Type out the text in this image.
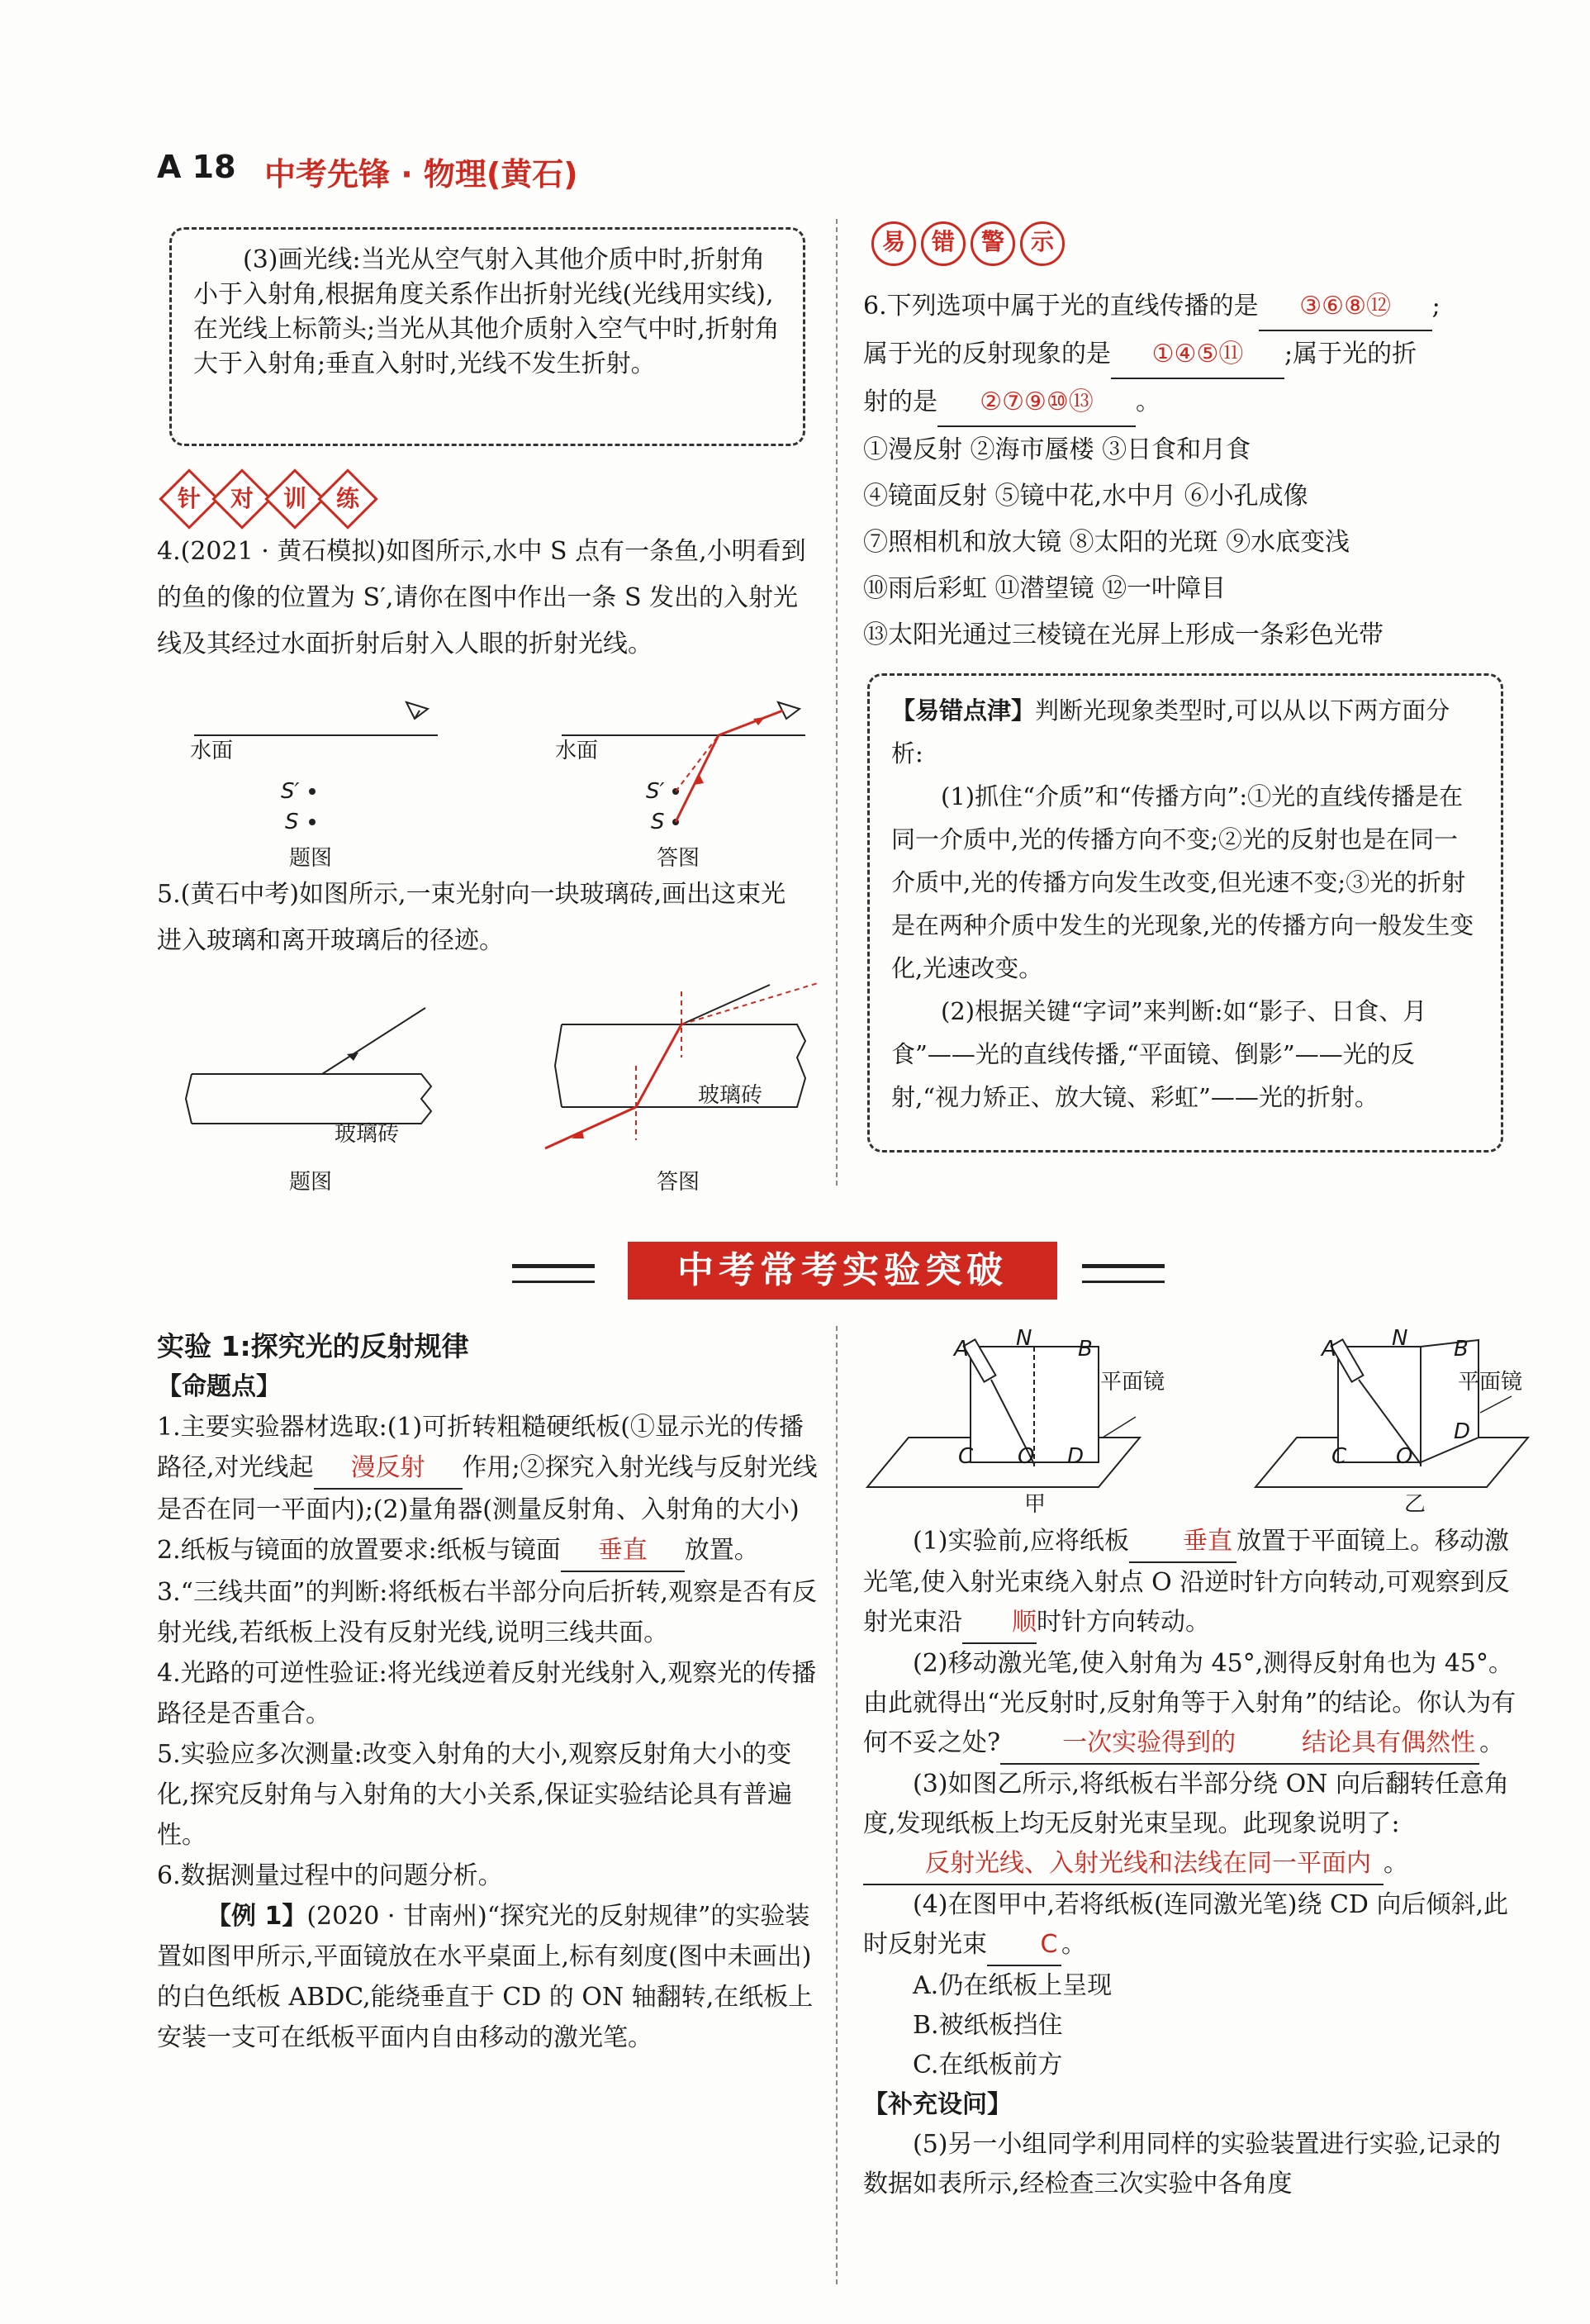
A 18 中考先锋 · 物理(黄石)

(3)画光线:当光从空气射入其他介质中时,折射角小于入射角,根据角度关系作出折射光线(光线用实线),在光线上标箭头;当光从其他介质射入空气中时,折射角大于入射角;垂直入射时,光线不发生折射。

针	对	训	练
4.(2021 · 黄石模拟)如图所示,水中 S 点有一条鱼,小明看到的鱼的像的位置为 S′,请你在图中作出一条 S 发出的入射光线及其经过水面折射后射入人眼的折射光线。
水面
S′
S
水面
S′
S
题图	答图
5.(黄石中考)如图所示,一束光射向一块玻璃砖,画出这束光进入玻璃和离开玻璃后的径迹。
玻璃砖
玻璃砖
题图	答图
易 错 警 示

6.下列选项中属于光的直线传播的是 ③⑥⑧⑫ ;

属于光的反射现象的是 ①④⑤⑪ ;属于光的折

射的是 ②⑦⑨⑩⑬ 。

①漫反射 ②海市蜃楼 ③日食和月食

④镜面反射 ⑤镜中花,水中月 ⑥小孔成像

⑦照相机和放大镜 ⑧太阳的光斑 ⑨水底变浅

⑩雨后彩虹 ⑪潜望镜 ⑫一叶障目

⑬太阳光通过三棱镜在光屏上形成一条彩色光带

【易错点津】判断光现象类型时,可以从以下两方面分析:

(1)抓住“介质”和“传播方向”:①光的直线传播是在同一介质中,光的传播方向不变;②光的反射也是在同一介质中,光的传播方向发生改变,但光速不变;③光的折射是在两种介质中发生的光现象,光的传播方向一般发生变化,光速改变。

(2)根据关键“字词”来判断:如“影子、日食、月食”——光的直线传播,“平面镜、倒影”——光的反射,“视力矫正、放大镜、彩虹”——光的折射。

中考常考实验突破

实验 1:探究光的反射规律

【命题点】

1.主要实验器材选取:(1)可折转粗糙硬纸板(①显示光的传播路径,对光线起 漫反射 作用;②探究入射光线与反射光线是否在同一平面内);(2)量角器(测量反射角、入射角的大小)

2.纸板与镜面的放置要求:纸板与镜面 垂直 放置。

3.“三线共面”的判断:将纸板右半部分向后折转,观察是否有反射光线,若纸板上没有反射光线,说明三线共面。

4.光路的可逆性验证:将光线逆着反射光线射入,观察光的传播路径是否重合。

5.实验应多次测量:改变入射角的大小,观察反射角大小的变化,探究反射角与入射角的大小关系,保证实验结论具有普遍性。

6.数据测量过程中的问题分析。

【例 1】(2020 · 甘南州)“探究光的反射规律”的实验装置如图甲所示,平面镜放在水平桌面上,标有刻度(图中未画出)的白色纸板 ABDC,能绕垂直于 CD 的 ON 轴翻转,在纸板上安装一支可在纸板平面内自由移动的激光笔。

A N B
平面镜
C O D
甲
A	N B
平面镜
D
C O
乙

(1)实验前,应将纸板 垂直 放置于平面镜上。移动激光笔,使入射光束绕入射点 O 沿逆时针方向转动,可观察到反射光束沿 顺时针方向转动。

(2)移动激光笔,使入射角为 45°,测得反射角也为 45°。由此就得出“光反射时,反射角等于入射角”的结论。你认为有何不妥之处?	一次实验得到的	结论具有偶然性 。

(3)如图乙所示,将纸板右半部分绕 ON 向后翻转任意角度,发现纸板上均无反射光束呈现。此现象说明了:反射光线、入射光线和法线在同一平面内 。

(4)在图甲中,若将纸板(连同激光笔)绕 CD 向后倾斜,此时反射光束 C 。

A.仍在纸板上呈现

B.被纸板挡住

C.在纸板前方

【补充设问】

(5)另一小组同学利用同样的实验装置进行实验,记录的数据如表所示,经检查三次实验中各角度
